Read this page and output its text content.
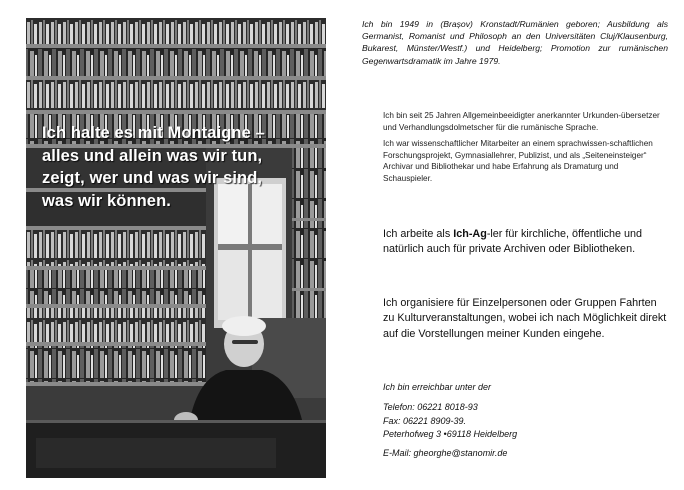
Ich halte es mit Montaigne –
alles und allein was wir tun,
zeigt, wer und was wir sind,
was wir können.

Ich bin 1949 in (Brașov) Kronstadt/Rumänien geboren; Ausbildung als Germanist, Romanist und Philosoph an den Universitäten Cluj/Klausenburg, Bukarest, Münster/Westf.) und Heidelberg; Promotion zur rumänischen Gegenwartsdramatik im Jahre 1979.

Ich bin seit 25 Jahren Allgemeinbeeidigter anerkannter Urkunden-übersetzer und Verhandlungsdolmetscher für die rumänische Sprache.

Ich war wissenschaftlicher Mitarbeiter an einem sprachwissen-schaftlichen Forschungsprojekt, Gymnasiallehrer, Publizist, und als „Seiteneinsteiger“ Archivar und Bibliothekar und habe Erfahrung als Dramaturg und Schauspieler.

Ich arbeite als Ich-Ag-ler für kirchliche, öffentliche und natürlich auch für private Archiven oder Bibliotheken.

Ich organisiere für Einzelpersonen oder Gruppen Fahrten zu Kulturveranstaltungen, wobei ich nach Möglichkeit direkt auf die Vorstellungen meiner Kunden eingehe.

Ich bin erreichbar unter der
Telefon: 06221 8018-93
Fax: 06221 8909-39.
Peterhofweg 3 •69118 Heidelberg
E-Mail: gheorghe@stanomir.de
